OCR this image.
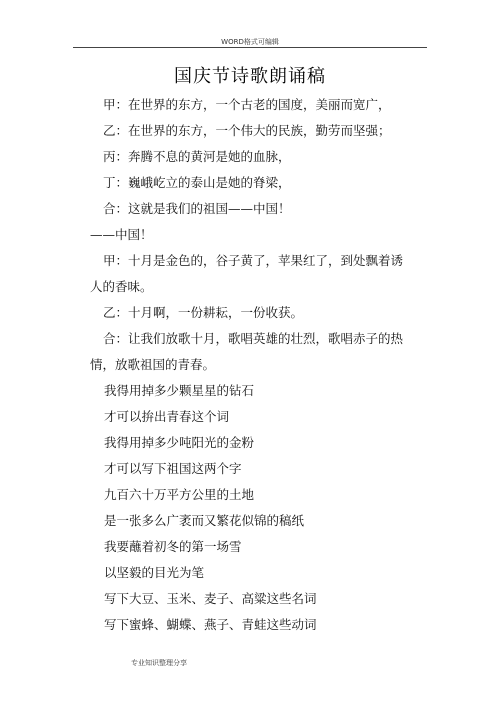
WORD格式可编辑
国庆节诗歌朗诵稿
甲：在世界的东方，一个古老的国度，美丽而宽广，
乙：在世界的东方，一个伟大的民族，勤劳而坚强；
丙：奔腾不息的黄河是她的血脉，
丁：巍峨屹立的泰山是她的脊梁，
合：这就是我们的祖国——中国！
——中国！
甲：十月是金色的，谷子黄了，苹果红了，到处飘着诱
人的香味。
乙：十月啊，一份耕耘，一份收获。
合：让我们放歌十月，歌唱英雄的壮烈，歌唱赤子的热
情，放歌祖国的青春。
我得用掉多少颗星星的钻石
才可以拚出青春这个词
我得用掉多少吨阳光的金粉
才可以写下祖国这两个字
九百六十万平方公里的土地
是一张多么广袤而又繁花似锦的稿纸
我要蘸着初冬的第一场雪
以坚毅的目光为笔
写下大豆、玉米、麦子、高粱这些名词
写下蜜蜂、蝴蝶、燕子、青蛙这些动词
专业知识整理分享
